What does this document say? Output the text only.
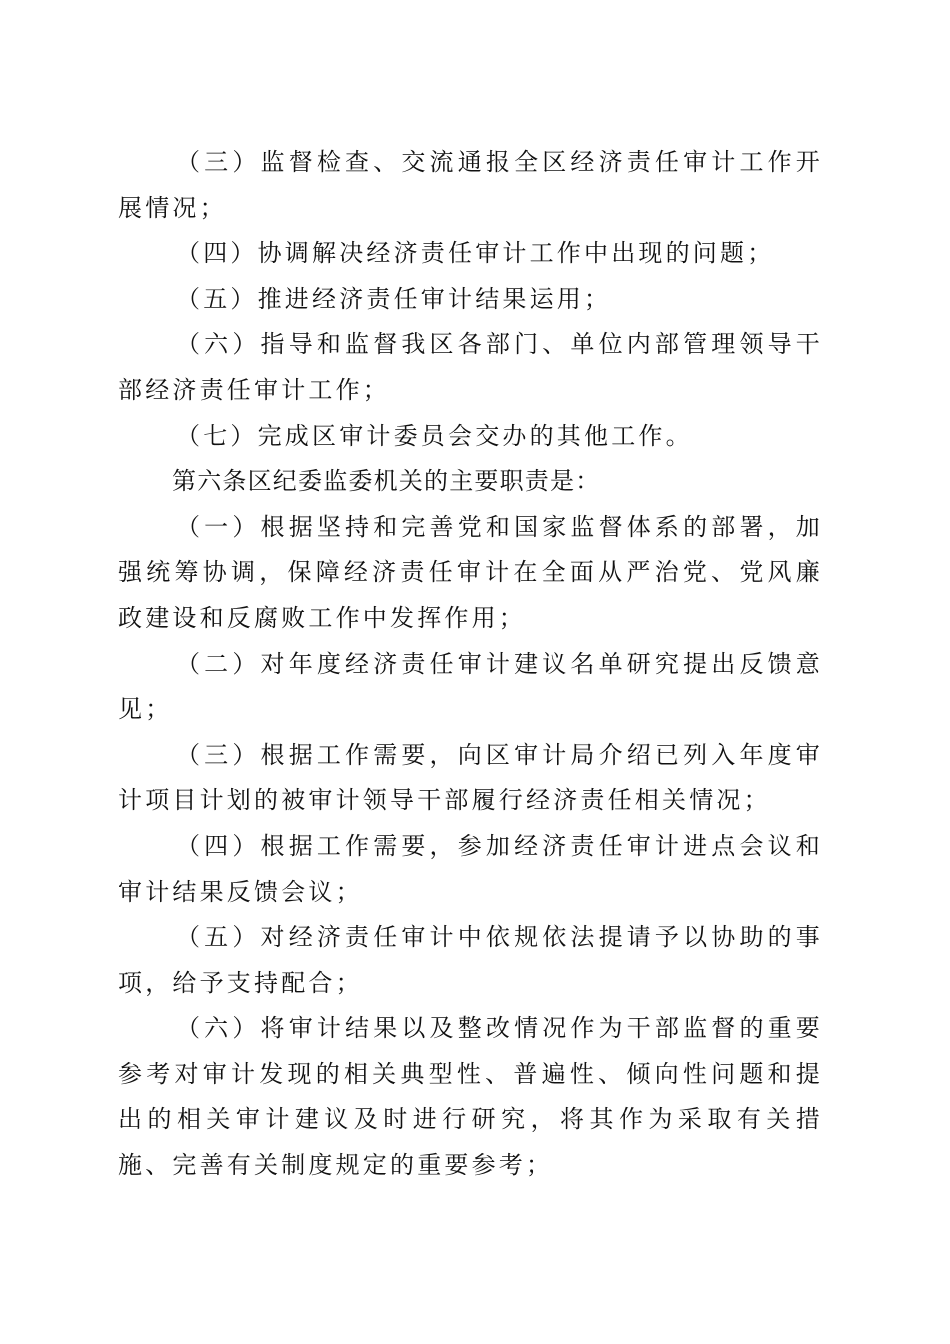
（三）监督检查、交流通报全区经济责任审计工作开展情况；

（四）协调解决经济责任审计工作中出现的问题；

（五）推进经济责任审计结果运用；

（六）指导和监督我区各部门、单位内部管理领导干部经济责任审计工作；

（七）完成区审计委员会交办的其他工作。

第六条区纪委监委机关的主要职责是：

（一）根据坚持和完善党和国家监督体系的部署，加强统筹协调，保障经济责任审计在全面从严治党、党风廉政建设和反腐败工作中发挥作用；

（二）对年度经济责任审计建议名单研究提出反馈意见；

（三）根据工作需要，向区审计局介绍已列入年度审计项目计划的被审计领导干部履行经济责任相关情况；

（四）根据工作需要，参加经济责任审计进点会议和审计结果反馈会议；

（五）对经济责任审计中依规依法提请予以协助的事项，给予支持配合；

（六）将审计结果以及整改情况作为干部监督的重要参考对审计发现的相关典型性、普遍性、倾向性问题和提出的相关审计建议及时进行研究，将其作为采取有关措施、完善有关制度规定的重要参考；
